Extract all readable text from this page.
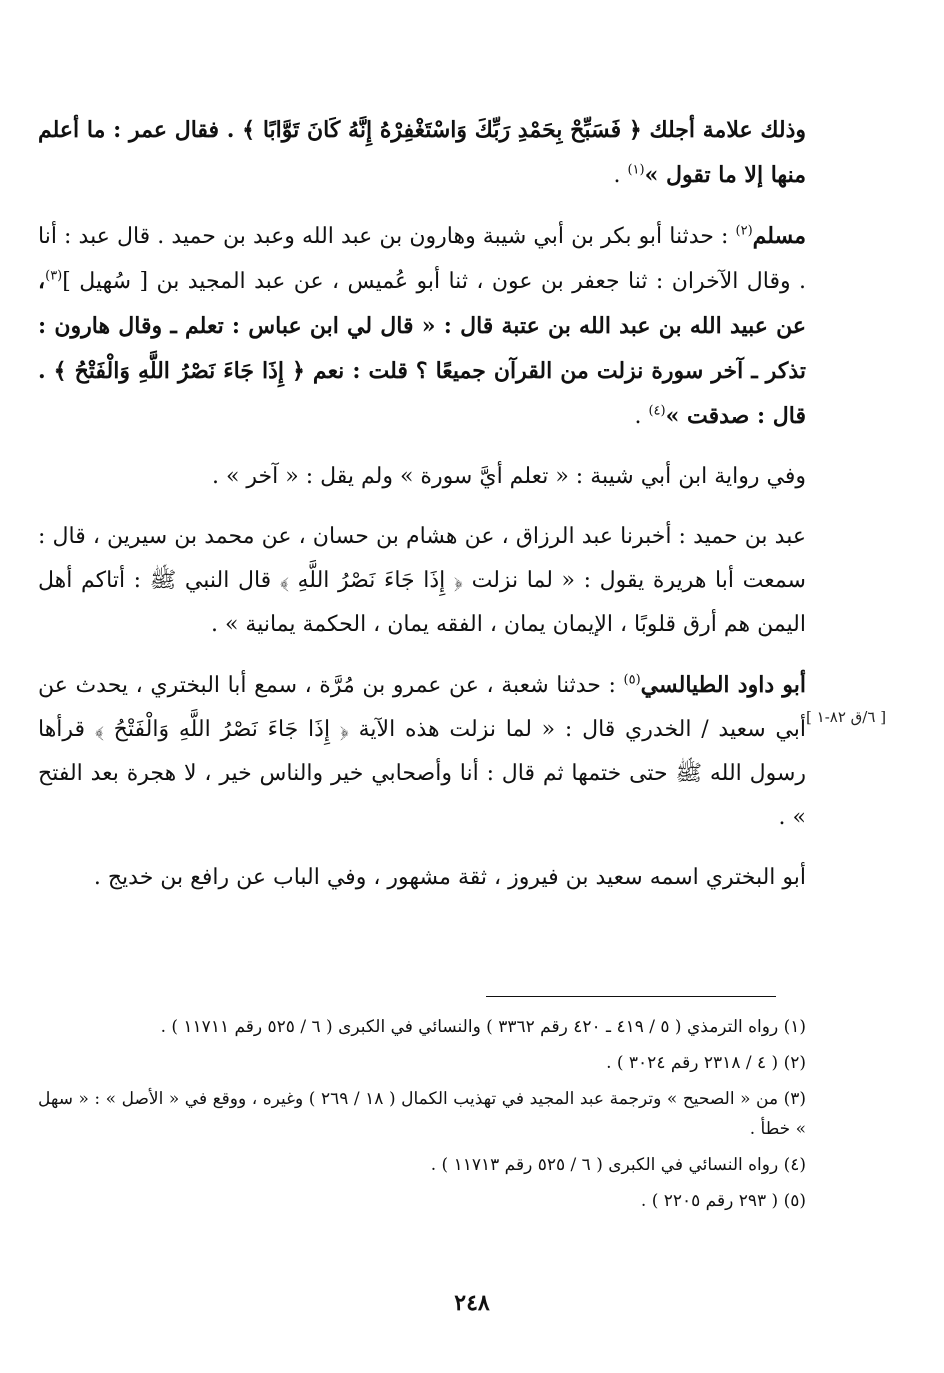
وذلك علامة أجلك ﴿ فَسَبِّحْ بِحَمْدِ رَبِّكَ وَاسْتَغْفِرْهُ إِنَّهُ كَانَ تَوَّابًا ﴾ . فقال عمر : ما أعلم منها إلا ما تقول »$^{(١)}$ .

مسلم$^{(٢)}$ : حدثنا أبو بكر بن أبي شيبة وهارون بن عبد الله وعبد بن حميد . قال عبد : أنا . وقال الآخران : ثنا جعفر بن عون ، ثنا أبو عُميس ، عن عبد المجيد بن [ سُهيل ]$^{(٣)}$، عن عبيد الله بن عبد الله بن عتبة قال : « قال لي ابن عباس : تعلم ـ وقال هارون : تذكر ـ آخر سورة نزلت من القرآن جميعًا ؟ قلت : نعم ﴿ إِذَا جَاءَ نَصْرُ اللَّهِ وَالْفَتْحُ ﴾ . قال : صدقت »$^{(٤)}$ .

وفي رواية ابن أبي شيبة : « تعلم أيَّ سورة » ولم يقل : « آخر » .

عبد بن حميد : أخبرنا عبد الرزاق ، عن هشام بن حسان ، عن محمد بن سيرين ، قال : سمعت أبا هريرة يقول : « لما نزلت ﴿ إِذَا جَاءَ نَصْرُ اللَّهِ ﴾ قال النبي ﷺ : أتاكم أهل اليمن هم أرق قلوبًا ، الإيمان يمان ، الفقه يمان ، الحكمة يمانية » .

أبو داود الطيالسي$^{(٥)}$ : حدثنا شعبة ، عن عمرو بن مُرَّة ، سمع أبا البختري ، يحدث عن أبي سعيد / الخدري قال : « لما نزلت هذه الآية ﴿ إِذَا جَاءَ نَصْرُ اللَّهِ وَالْفَتْحُ ﴾ قرأها رسول الله ﷺ حتى ختمها ثم قال : أنا وأصحابي خير والناس خير ، لا هجرة بعد الفتح » .

أبو البختري اسمه سعيد بن فيروز ، ثقة مشهور ، وفي الباب عن رافع بن خديج .

[ ٦/ق ٨٢-١ ]

(١) رواه الترمذي ( ٥ / ٤١٩ ـ ٤٢٠ رقم ٣٣٦٢ ) والنسائي في الكبرى ( ٦ / ٥٢٥ رقم ١١٧١١ ) .

(٢) ( ٤ / ٢٣١٨ رقم ٣٠٢٤ ) .

(٣) من « الصحيح » وترجمة عبد المجيد في تهذيب الكمال ( ١٨ / ٢٦٩ ) وغيره ، ووقع في « الأصل » : « سهل » خطأ .

(٤) رواه النسائي في الكبرى ( ٦ / ٥٢٥ رقم ١١٧١٣ ) .

(٥) ( ٢٩٣ رقم ٢٢٠٥ ) .

٢٤٨
